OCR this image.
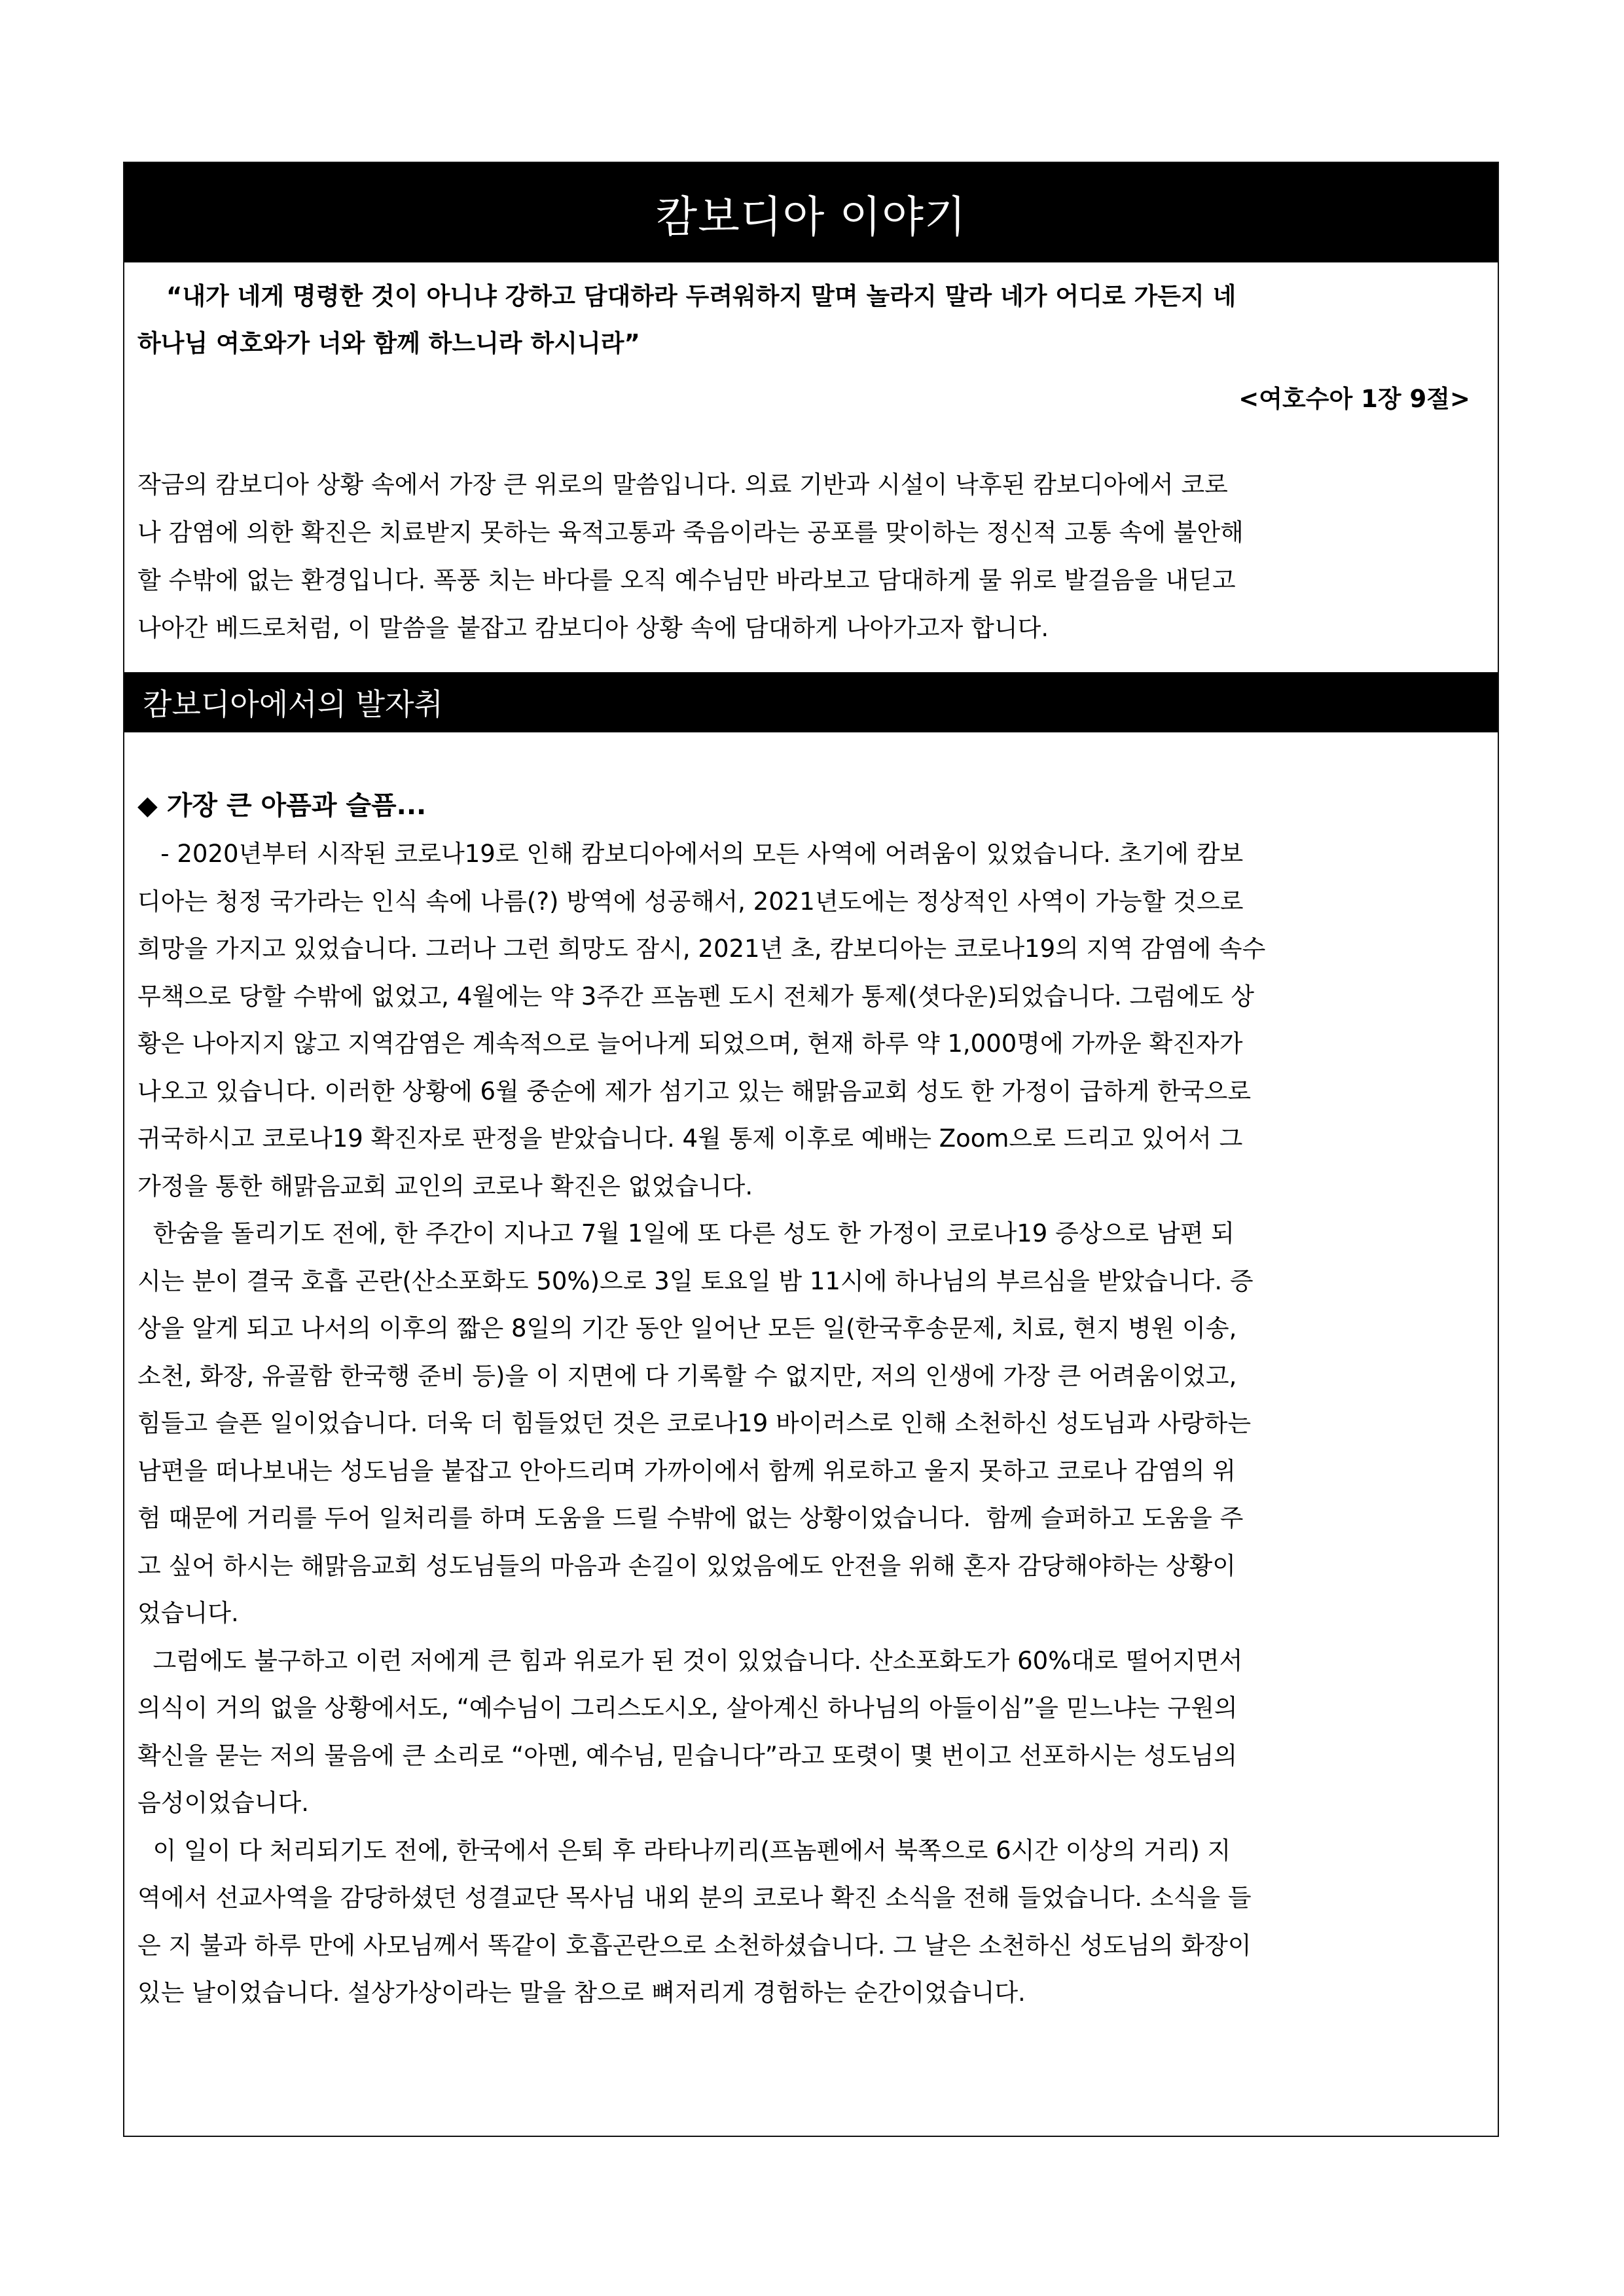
캄보디아 이야기
“내가 네게 명령한 것이 아니냐 강하고 담대하라 두려워하지 말며 놀라지 말라 네가 어디로 가든지 네
하나님 여호와가 너와 함께 하느니라 하시니라”
<여호수아 1장 9절>
작금의 캄보디아 상황 속에서 가장 큰 위로의 말씀입니다. 의료 기반과 시설이 낙후된 캄보디아에서 코로
나 감염에 의한 확진은 치료받지 못하는 육적고통과 죽음이라는 공포를 맞이하는 정신적 고통 속에 불안해
할 수밖에 없는 환경입니다. 폭풍 치는 바다를 오직 예수님만 바라보고 담대하게 물 위로 발걸음을 내딛고
나아간 베드로처럼, 이 말씀을 붙잡고 캄보디아 상황 속에 담대하게 나아가고자 합니다.
캄보디아에서의 발자취
◆ 가장 큰 아픔과 슬픔...
- 2020년부터 시작된 코로나19로 인해 캄보디아에서의 모든 사역에 어려움이 있었습니다. 초기에 캄보
디아는 청정 국가라는 인식 속에 나름(?) 방역에 성공해서, 2021년도에는 정상적인 사역이 가능할 것으로
희망을 가지고 있었습니다. 그러나 그런 희망도 잠시, 2021년 초, 캄보디아는 코로나19의 지역 감염에 속수
무책으로 당할 수밖에 없었고, 4월에는 약 3주간 프놈펜 도시 전체가 통제(셧다운)되었습니다. 그럼에도 상
황은 나아지지 않고 지역감염은 계속적으로 늘어나게 되었으며, 현재 하루 약 1,000명에 가까운 확진자가
나오고 있습니다. 이러한 상황에 6월 중순에 제가 섬기고 있는 해맑음교회 성도 한 가정이 급하게 한국으로
귀국하시고 코로나19 확진자로 판정을 받았습니다. 4월 통제 이후로 예배는 Zoom으로 드리고 있어서 그
가정을 통한 해맑음교회 교인의 코로나 확진은 없었습니다.
한숨을 돌리기도 전에, 한 주간이 지나고 7월 1일에 또 다른 성도 한 가정이 코로나19 증상으로 남편 되
시는 분이 결국 호흡 곤란(산소포화도 50%)으로 3일 토요일 밤 11시에 하나님의 부르심을 받았습니다. 증
상을 알게 되고 나서의 이후의 짧은 8일의 기간 동안 일어난 모든 일(한국후송문제, 치료, 현지 병원 이송,
소천, 화장, 유골함 한국행 준비 등)을 이 지면에 다 기록할 수 없지만, 저의 인생에 가장 큰 어려움이었고,
힘들고 슬픈 일이었습니다. 더욱 더 힘들었던 것은 코로나19 바이러스로 인해 소천하신 성도님과 사랑하는
남편을 떠나보내는 성도님을 붙잡고 안아드리며 가까이에서 함께 위로하고 울지 못하고 코로나 감염의 위
험 때문에 거리를 두어 일처리를 하며 도움을 드릴 수밖에 없는 상황이었습니다.  함께 슬퍼하고 도움을 주
고 싶어 하시는 해맑음교회 성도님들의 마음과 손길이 있었음에도 안전을 위해 혼자 감당해야하는 상황이
었습니다.
그럼에도 불구하고 이런 저에게 큰 힘과 위로가 된 것이 있었습니다. 산소포화도가 60%대로 떨어지면서
의식이 거의 없을 상황에서도, “예수님이 그리스도시오, 살아계신 하나님의 아들이심”을 믿느냐는 구원의
확신을 묻는 저의 물음에 큰 소리로 “아멘, 예수님, 믿습니다”라고 또렷이 몇 번이고 선포하시는 성도님의
음성이었습니다.
이 일이 다 처리되기도 전에, 한국에서 은퇴 후 라타나끼리(프놈펜에서 북쪽으로 6시간 이상의 거리) 지
역에서 선교사역을 감당하셨던 성결교단 목사님 내외 분의 코로나 확진 소식을 전해 들었습니다. 소식을 들
은 지 불과 하루 만에 사모님께서 똑같이 호흡곤란으로 소천하셨습니다. 그 날은 소천하신 성도님의 화장이
있는 날이었습니다. 설상가상이라는 말을 참으로 뼈저리게 경험하는 순간이었습니다.
